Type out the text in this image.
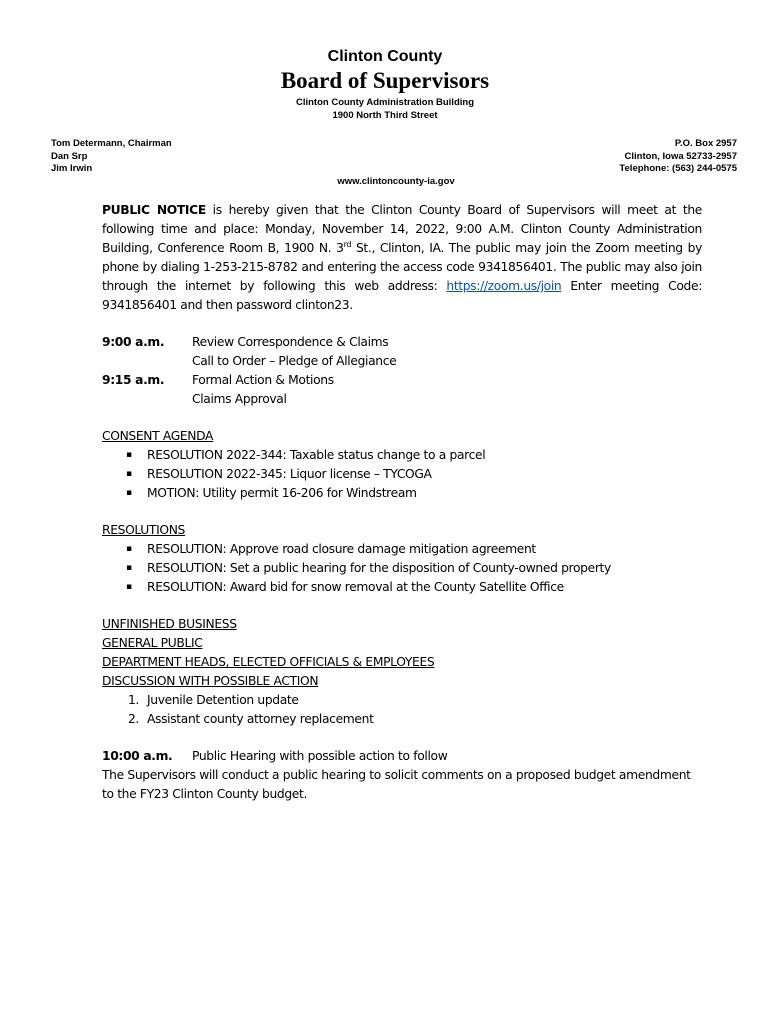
Clinton County
Board of Supervisors
Clinton County Administration Building
1900 North Third Street
Tom Determann, Chairman
Dan Srp
Jim Irwin
P.O. Box 2957
Clinton, Iowa 52733-2957
Telephone: (563) 244-0575
www.clintoncounty-ia.gov

PUBLIC NOTICE is hereby given that the Clinton County Board of Supervisors will meet at the following time and place: Monday, November 14, 2022, 9:00 A.M. Clinton County Administration Building, Conference Room B, 1900 N. 3rd St., Clinton, IA. The public may join the Zoom meeting by phone by dialing 1-253-215-8782 and entering the access code 9341856401. The public may also join through the internet by following this web address: https://zoom.us/join Enter meeting Code: 9341856401 and then password clinton23.

9:00 a.m.	Review Correspondence & Claims
Call to Order – Pledge of Allegiance
9:15 a.m.	Formal Action & Motions
Claims Approval
CONSENT AGENDA
▪ RESOLUTION 2022-344: Taxable status change to a parcel
▪ RESOLUTION 2022-345: Liquor license – TYCOGA
▪ MOTION: Utility permit 16-206 for Windstream
RESOLUTIONS
▪ RESOLUTION: Approve road closure damage mitigation agreement
▪ RESOLUTION: Set a public hearing for the disposition of County-owned property
▪ RESOLUTION: Award bid for snow removal at the County Satellite Office
UNFINISHED BUSINESS
GENERAL PUBLIC
DEPARTMENT HEADS, ELECTED OFFICIALS & EMPLOYEES
DISCUSSION WITH POSSIBLE ACTION
1. Juvenile Detention update
2. Assistant county attorney replacement
10:00 a.m. Public Hearing with possible action to follow
The Supervisors will conduct a public hearing to solicit comments on a proposed budget amendment to the FY23 Clinton County budget.
